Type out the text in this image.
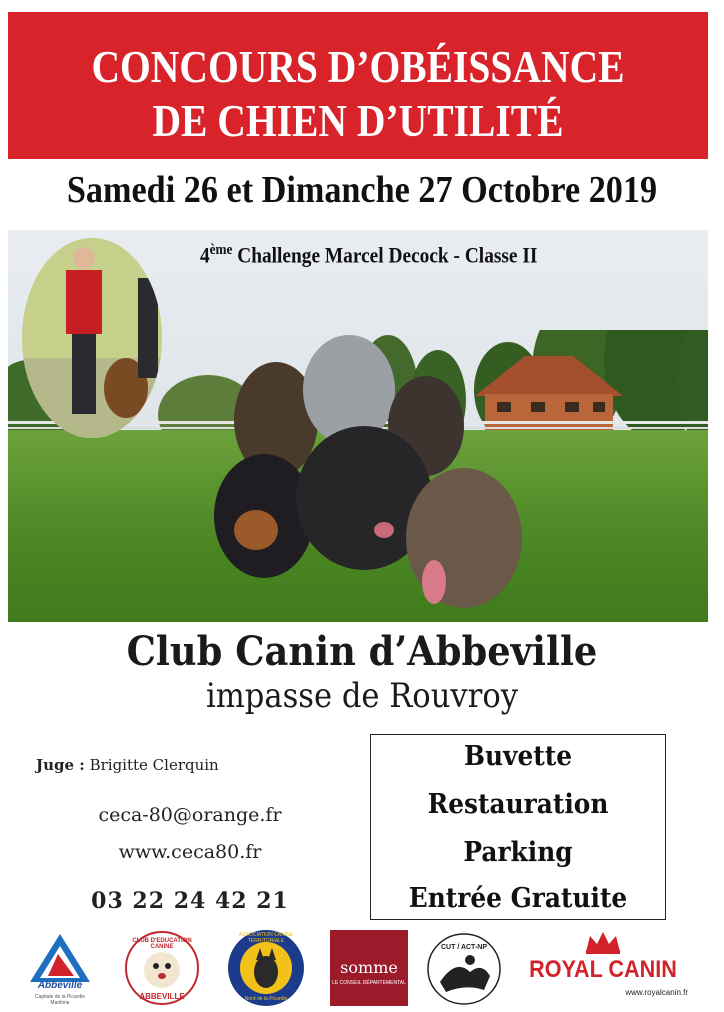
CONCOURS D’OBÉISSANCE
DE CHIEN D’UTILITÉ
Samedi 26 et Dimanche 27 Octobre 2019
4ème Challenge Marcel Decock - Classe II
Club Canin d’Abbeville
impasse de Rouvroy
Juge : Brigitte Clerquin
ceca-80@orange.fr
www.ceca80.fr
03 22 24 42 21
Buvette
Restauration
Parking
Entrée Gratuite
Abbeville
Capitale de la Picardie Maritime
CLUB D'EDUCATION CANINE
ABBEVILLE
ASSOCIATION CANINE TERRITORIALE
Nord de la Picardie
somme
LE CONSEIL DÉPARTEMENTAL
CUT / ACT-NP
ROYAL CANIN
www.royalcanin.fr
